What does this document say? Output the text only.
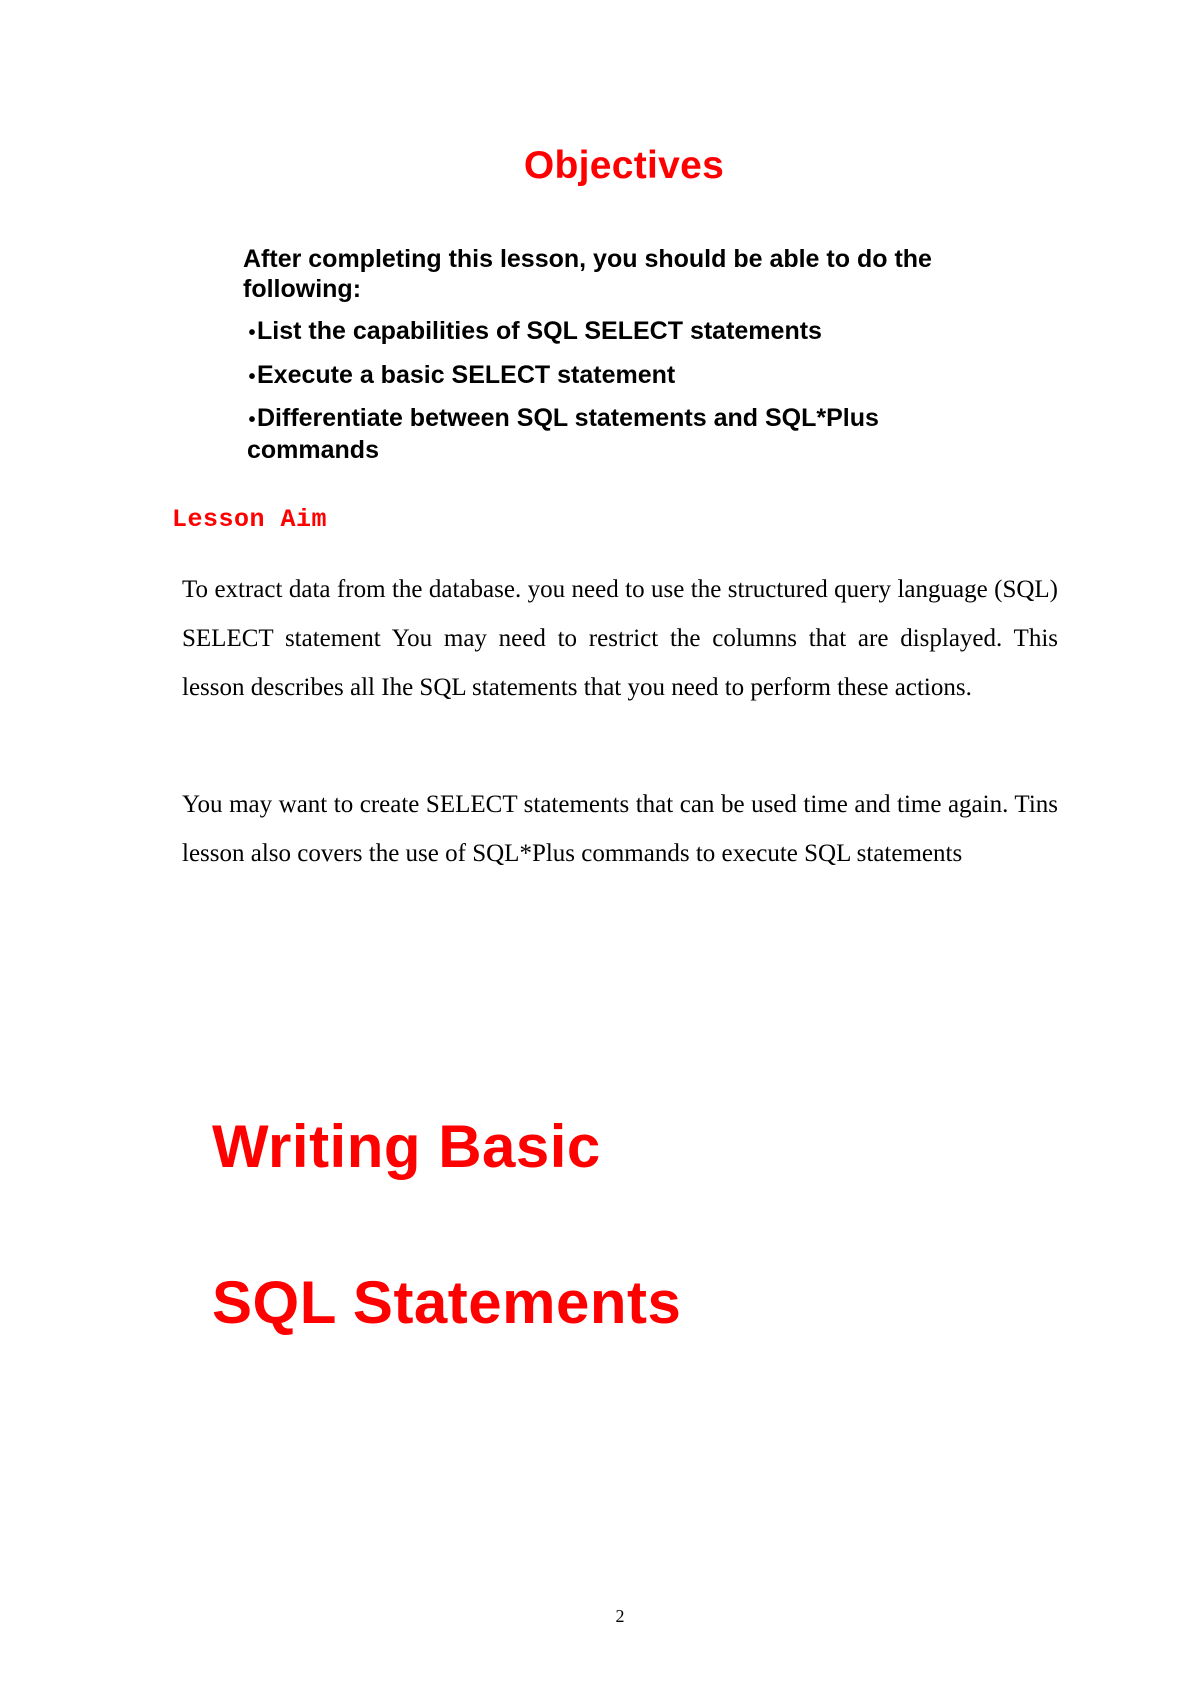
Objectives

After completing this lesson, you should be able to do the following:

•List the capabilities of SQL SELECT statements
•Execute a basic SELECT statement
•Differentiate between SQL statements and SQL*Plus commands
Lesson Aim

To extract data from the database. you need to use the structured query language (SQL) SELECT statement You may need to restrict the columns that are displayed. This lesson describes all Ihe SQL statements that you need to perform these actions.

You may want to create SELECT statements that can be used time and time again. Tins lesson also covers the use of SQL*Plus commands to execute SQL statements

Writing Basic
SQL Statements
2
